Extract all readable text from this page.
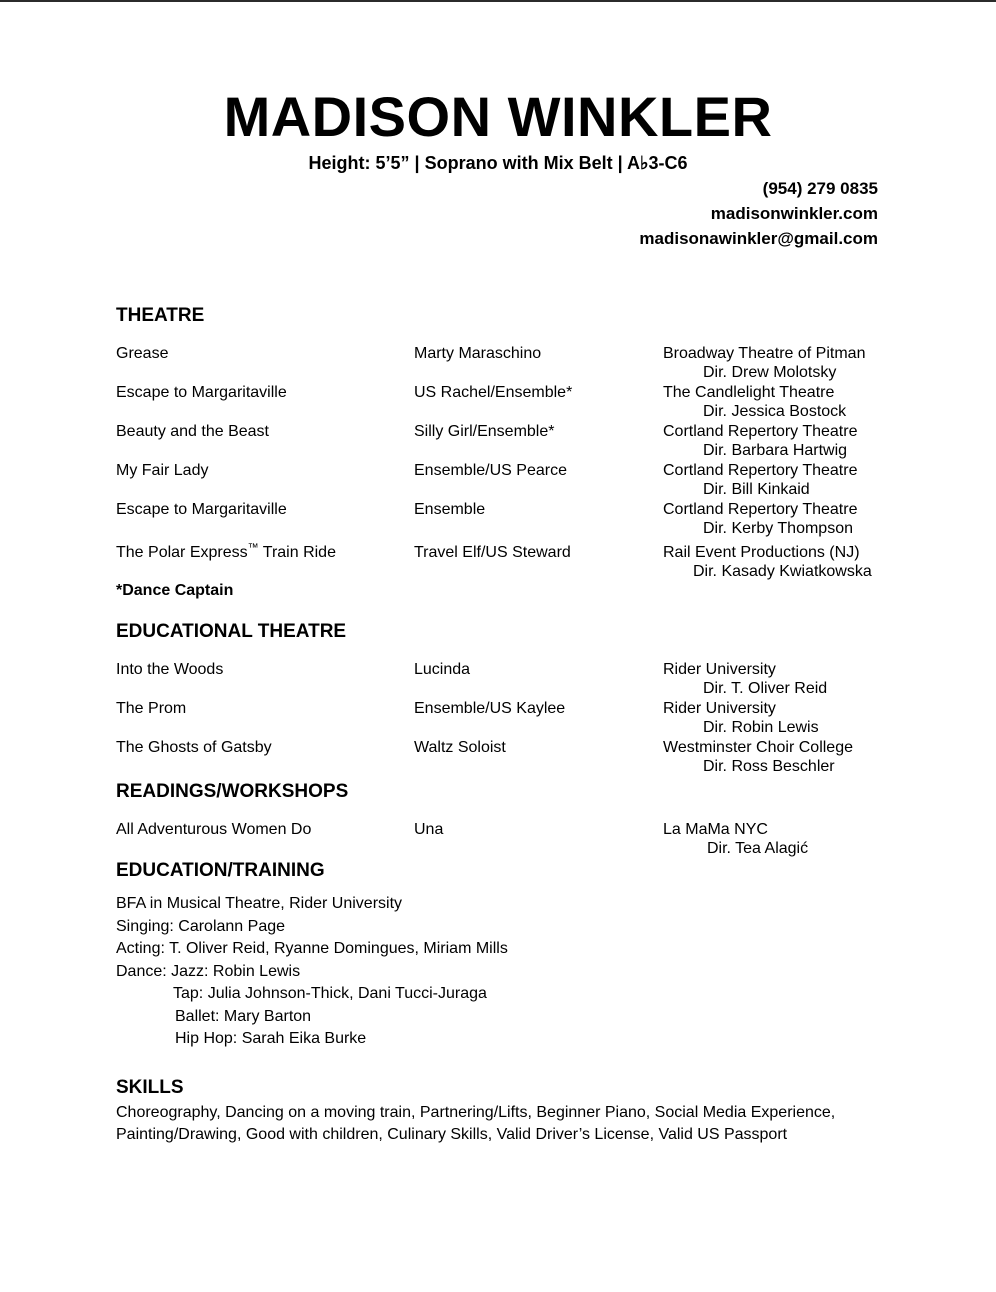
MADISON WINKLER
Height: 5’5” | Soprano with Mix Belt | A♭3-C6
(954) 279 0835
madisonwinkler.com
madisonawinkler@gmail.com
THEATRE
Grease	Marty Maraschino	Broadway Theatre of Pitman
Dir. Drew Molotsky
Escape to Margaritaville	US Rachel/Ensemble*	The Candlelight Theatre
Dir. Jessica Bostock
Beauty and the Beast	Silly Girl/Ensemble*	Cortland Repertory Theatre
Dir. Barbara Hartwig
My Fair Lady	Ensemble/US Pearce	Cortland Repertory Theatre
Dir. Bill Kinkaid
Escape to Margaritaville	Ensemble	Cortland Repertory Theatre
Dir. Kerby Thompson
The Polar Express™ Train Ride	Travel Elf/US Steward	Rail Event Productions (NJ)
Dir. Kasady Kwiatkowska
*Dance Captain
EDUCATIONAL THEATRE
Into the Woods	Lucinda	Rider University
Dir. T. Oliver Reid
The Prom	Ensemble/US Kaylee	Rider University
Dir. Robin Lewis
The Ghosts of Gatsby	Waltz Soloist	Westminster Choir College
Dir. Ross Beschler
READINGS/WORKSHOPS
All Adventurous Women Do	Una	La MaMa NYC
Dir. Tea Alagić
EDUCATION/TRAINING
BFA in Musical Theatre, Rider University
Singing: Carolann Page
Acting: T. Oliver Reid, Ryanne Domingues, Miriam Mills
Dance: Jazz: Robin Lewis
Tap: Julia Johnson-Thick, Dani Tucci-Juraga
Ballet: Mary Barton
Hip Hop: Sarah Eika Burke
SKILLS
Choreography, Dancing on a moving train, Partnering/Lifts, Beginner Piano, Social Media Experience, Painting/Drawing, Good with children, Culinary Skills, Valid Driver’s License, Valid US Passport
